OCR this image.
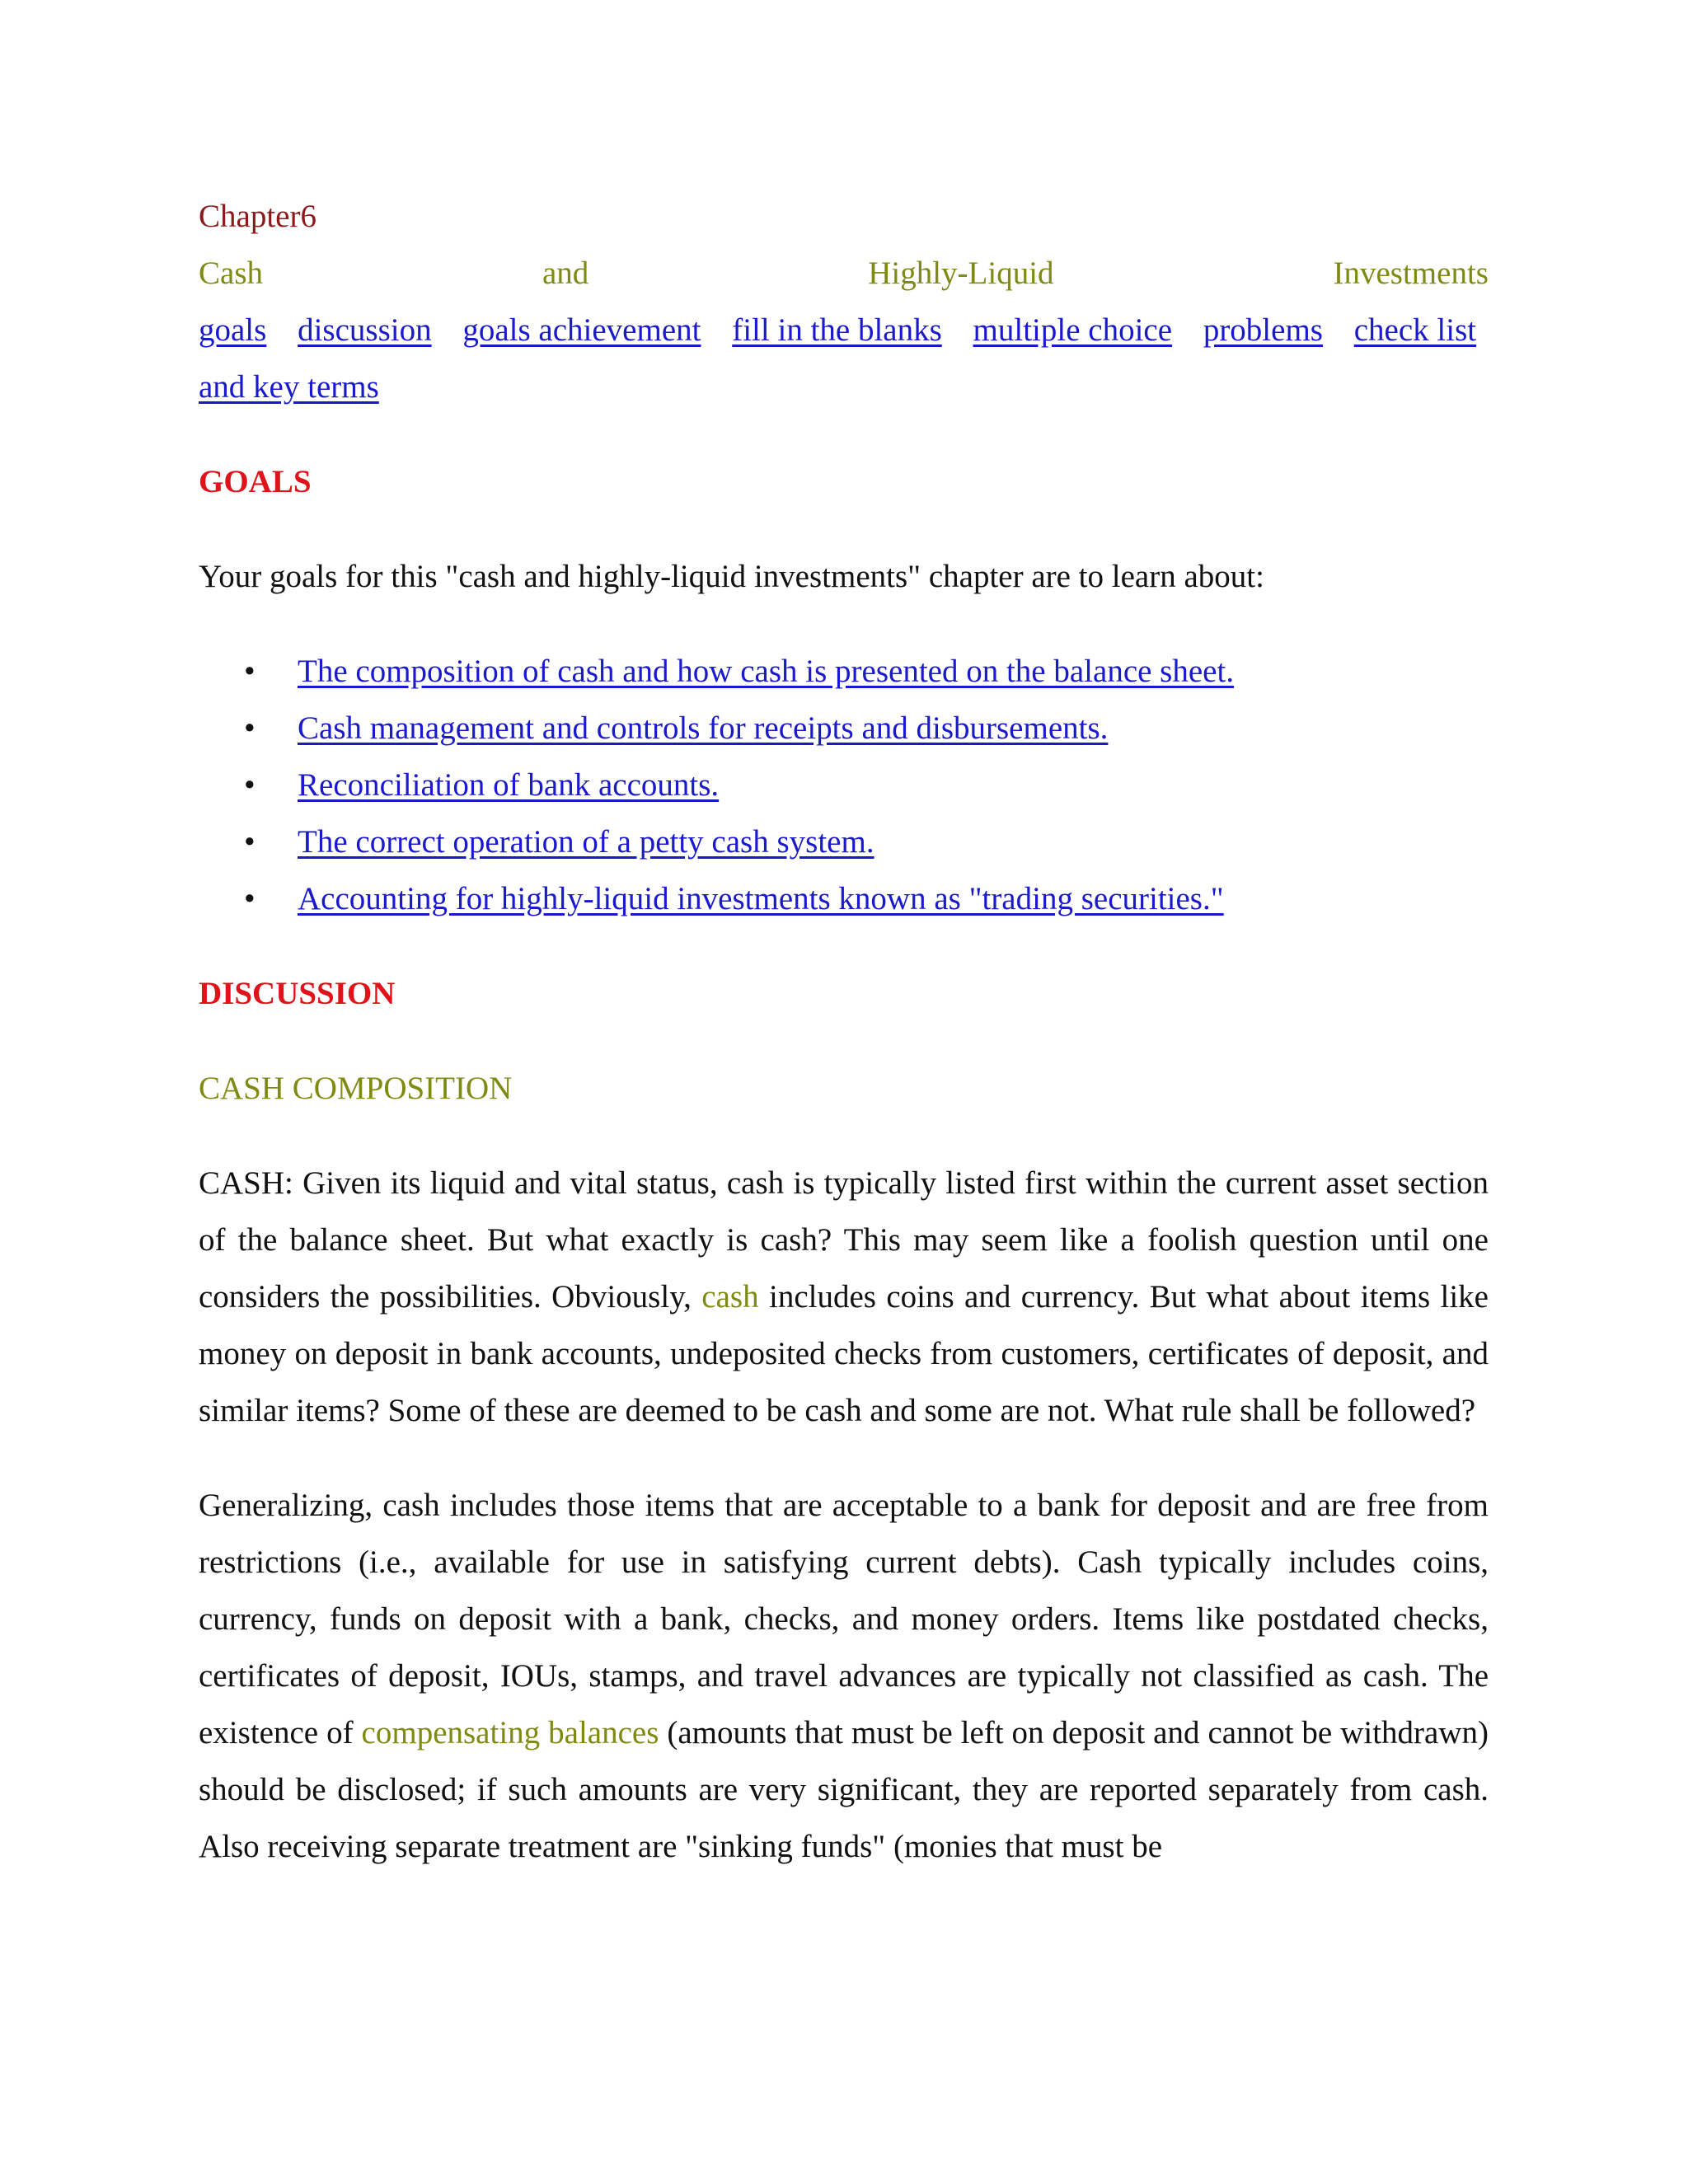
Chapter6
Cash	and	Highly-Liquid	Investments
goals discussion goals achievement fill in the blanks multiple choice problems check list
and key terms
GOALS
Your goals for this "cash and highly-liquid investments" chapter are to learn about:
• The composition of cash and how cash is presented on the balance sheet.
• Cash management and controls for receipts and disbursements.
• Reconciliation of bank accounts.
• The correct operation of a petty cash system.
• Accounting for highly-liquid investments known as "trading securities."
DISCUSSION
CASH COMPOSITION
CASH: Given its liquid and vital status, cash is typically listed first within the current asset section of the balance sheet. But what exactly is cash? This may seem like a foolish question until one considers the possibilities. Obviously, cash includes coins and currency. But what about items like money on deposit in bank accounts, undeposited checks from customers, certificates of deposit, and similar items? Some of these are deemed to be cash and some are not. What rule shall be followed?
Generalizing, cash includes those items that are acceptable to a bank for deposit and are free from restrictions (i.e., available for use in satisfying current debts). Cash typically includes coins, currency, funds on deposit with a bank, checks, and money orders. Items like postdated checks, certificates of deposit, IOUs, stamps, and travel advances are typically not classified as cash. The existence of compensating balances (amounts that must be left on deposit and cannot be withdrawn) should be disclosed; if such amounts are very significant, they are reported separately from cash. Also receiving separate treatment are "sinking funds" (monies that must be
